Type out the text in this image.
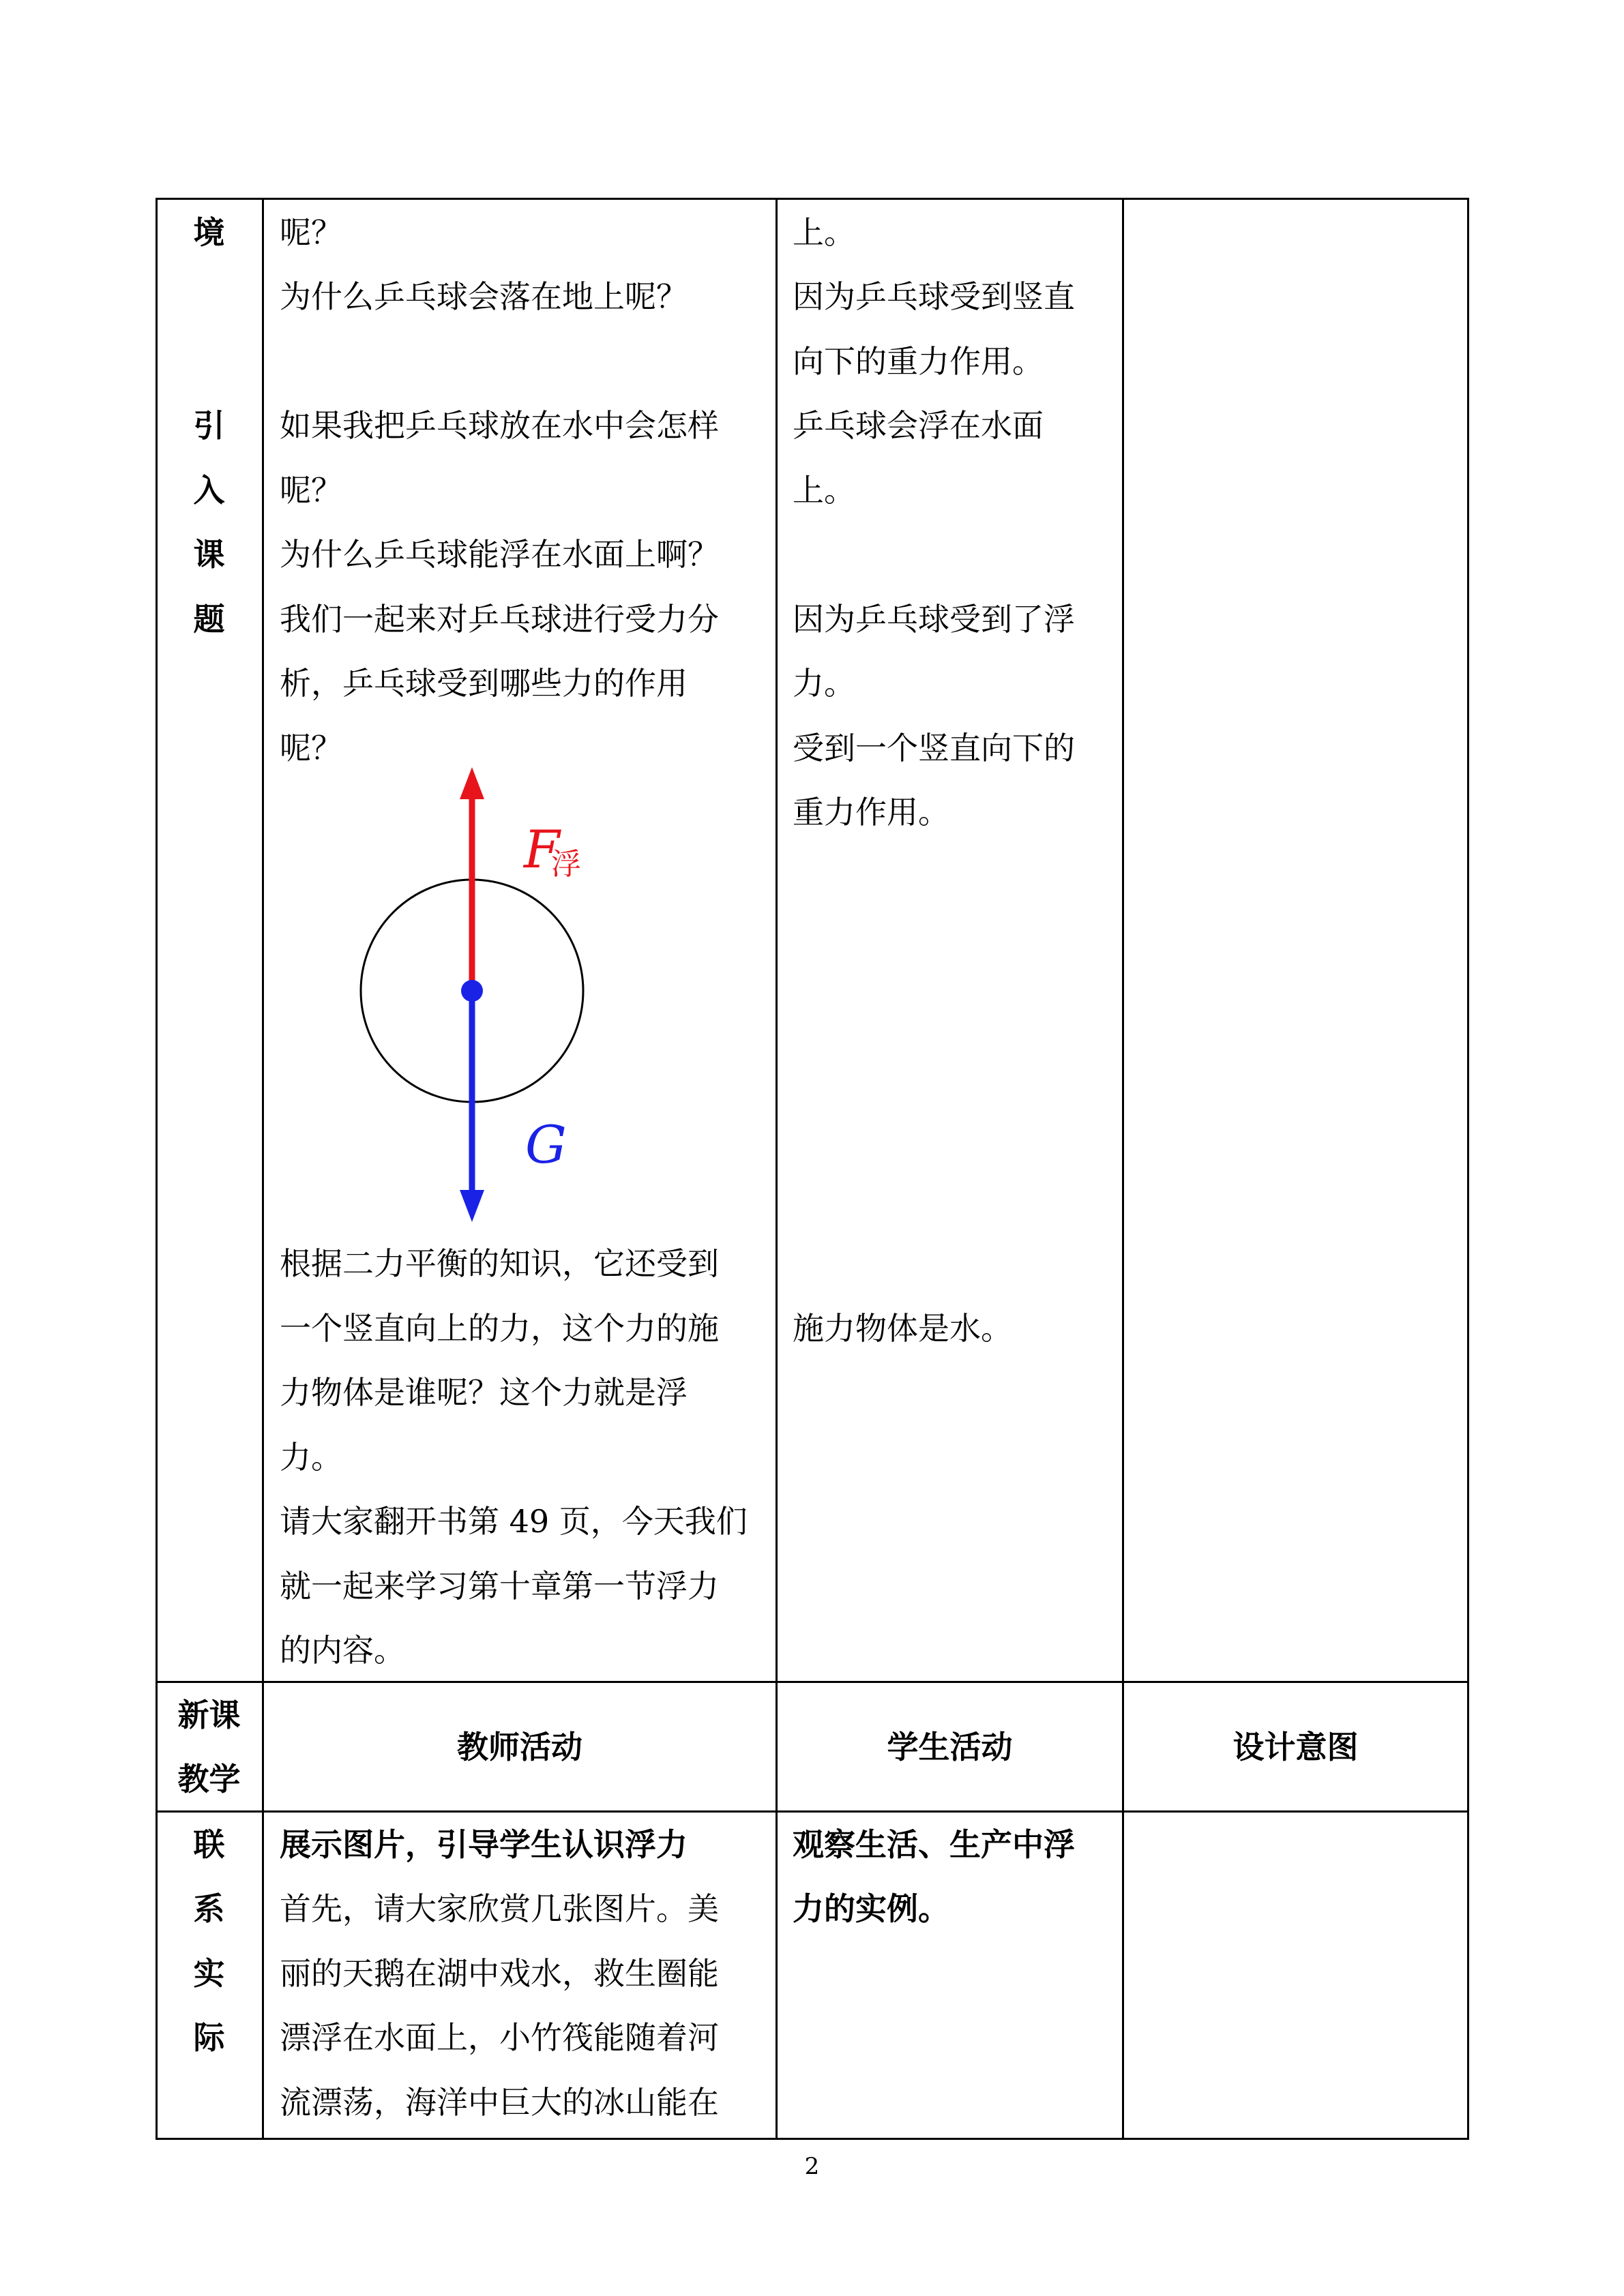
境
引
入
课
题
呢？
为什么乒乓球会落在地上呢？
如果我把乒乓球放在水中会怎样
呢？
为什么乒乓球能浮在水面上啊？
我们一起来对乒乓球进行受力分
析，乒乓球受到哪些力的作用
呢？
F
浮
G
根据二力平衡的知识，它还受到
一个竖直向上的力，这个力的施
力物体是谁呢？这个力就是浮
力。
请大家翻开书第 49 页，今天我们
就一起来学习第十章第一节浮力
的内容。
上。
因为乒乓球受到竖直
向下的重力作用。
乒乓球会浮在水面
上。
因为乒乓球受到了浮
力。
受到一个竖直向下的
重力作用。
施力物体是水。
新课
教学
教师活动	学生活动	设计意图
联
系
实
际
展示图片，引导学生认识浮力
首先，请大家欣赏几张图片。美
丽的天鹅在湖中戏水，救生圈能
漂浮在水面上，小竹筏能随着河
流漂荡，海洋中巨大的冰山能在
观察生活、生产中浮
力的实例。
2
